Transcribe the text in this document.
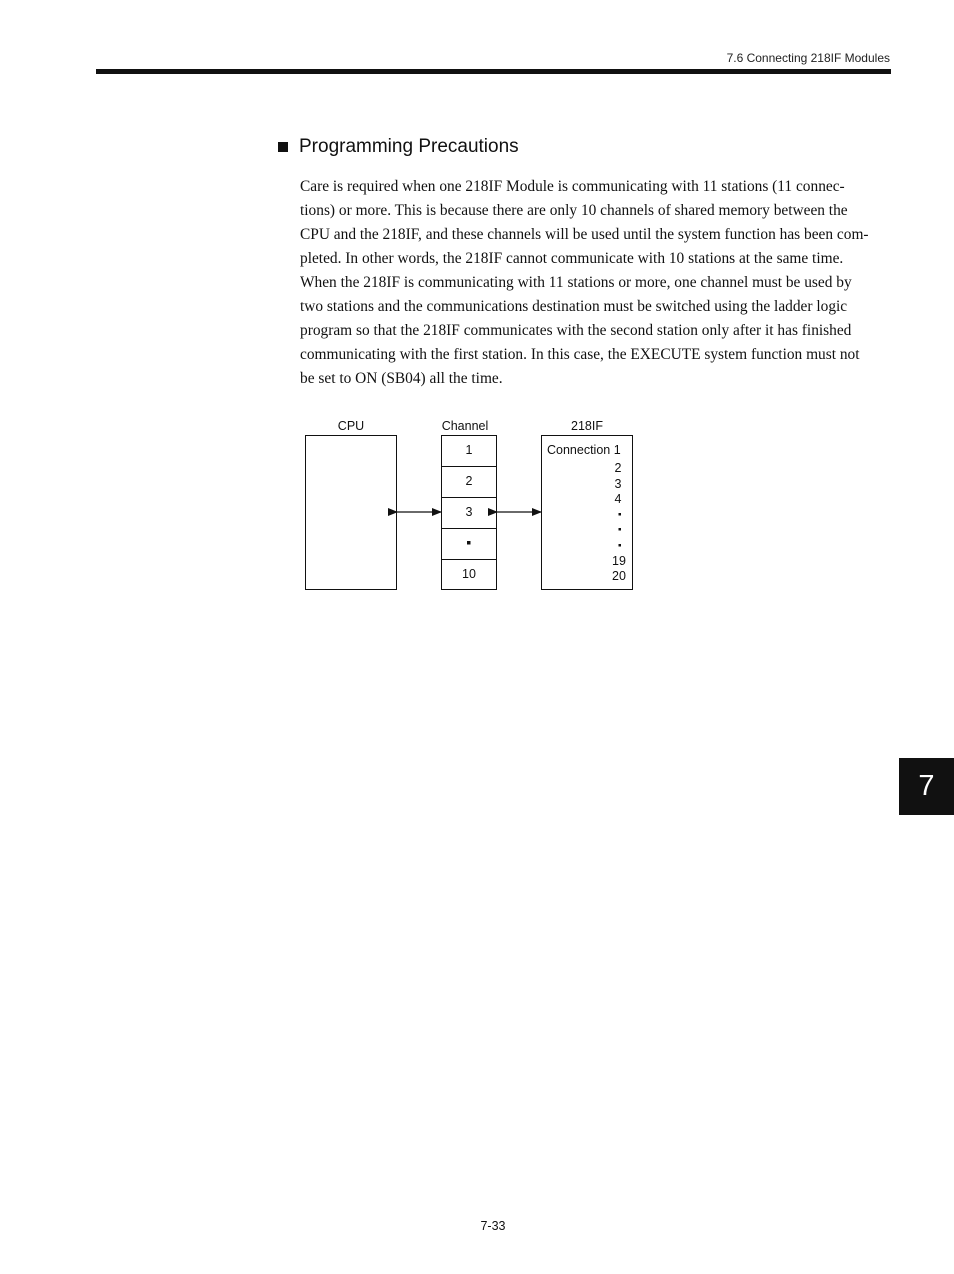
7.6 Connecting 218IF Modules
Programming Precautions
Care is required when one 218IF Module is communicating with 11 stations (11 connec-
tions) or more. This is because there are only 10 channels of shared memory between the
CPU and the 218IF, and these channels will be used until the system function has been com-
pleted. In other words, the 218IF cannot communicate with 10 stations at the same time.
When the 218IF is communicating with 11 stations or more, one channel must be used by
two stations and the communications destination must be switched using the ladder logic
program so that the 218IF communicates with the second station only after it has finished
communicating with the first station. In this case, the EXECUTE system function must not
be set to ON (SB04) all the time.
CPU	Channel	218IF
1
2
3
10
Connection 1
2
3
4
19
20
7
7-33
